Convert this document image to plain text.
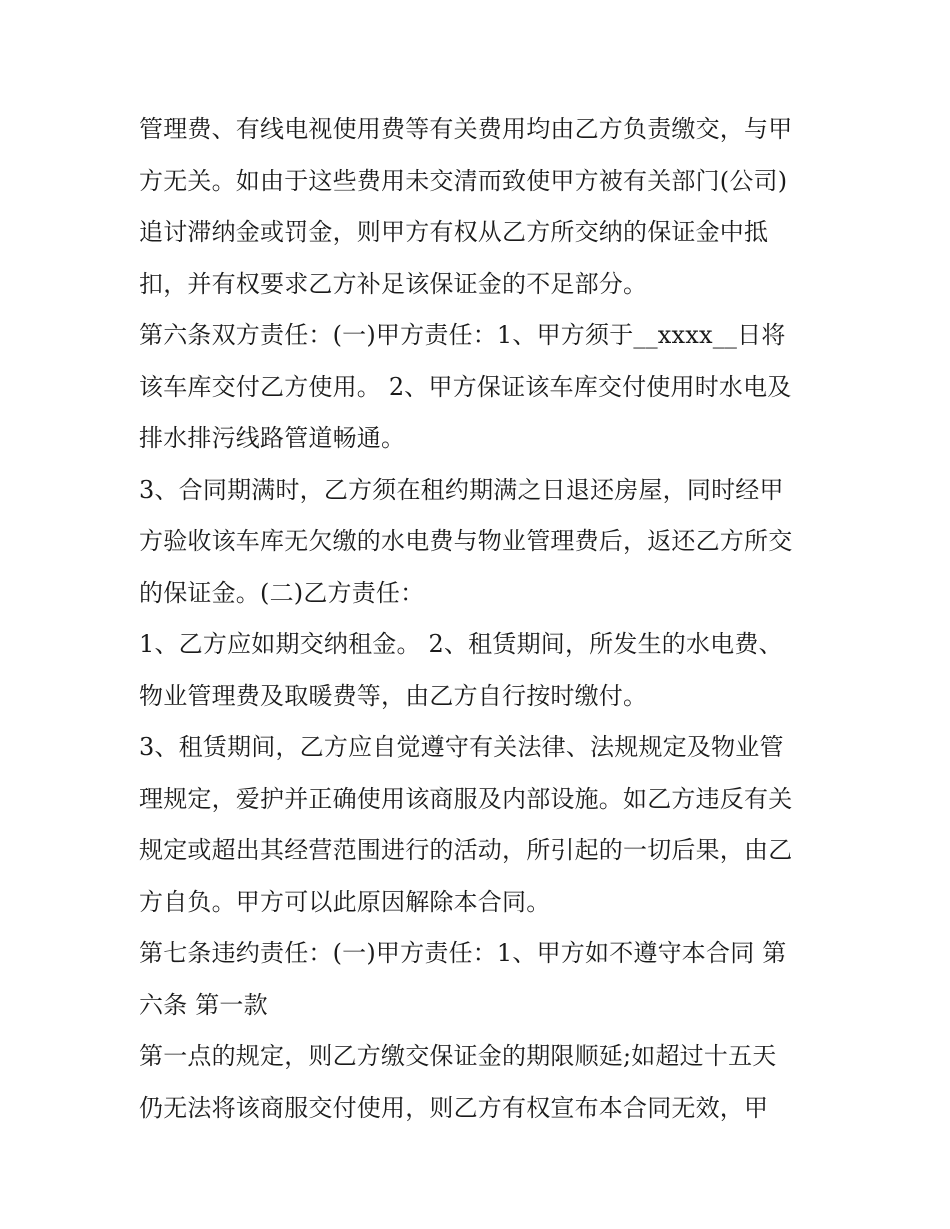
管理费、有线电视使用费等有关费用均由乙方负责缴交，与甲
方无关。如由于这些费用未交清而致使甲方被有关部门(公司)
追讨滞纳金或罚金，则甲方有权从乙方所交纳的保证金中抵
扣，并有权要求乙方补足该保证金的不足部分。
第六条双方责任：(一)甲方责任：1、甲方须于__xxxx__日将
该车库交付乙方使用。 2、甲方保证该车库交付使用时水电及
排水排污线路管道畅通。
3、合同期满时，乙方须在租约期满之日退还房屋，同时经甲
方验收该车库无欠缴的水电费与物业管理费后，返还乙方所交
的保证金。(二)乙方责任：
1、乙方应如期交纳租金。 2、租赁期间，所发生的水电费、
物业管理费及取暖费等，由乙方自行按时缴付。
3、租赁期间，乙方应自觉遵守有关法律、法规规定及物业管
理规定，爱护并正确使用该商服及内部设施。如乙方违反有关
规定或超出其经营范围进行的活动，所引起的一切后果，由乙
方自负。甲方可以此原因解除本合同。
第七条违约责任：(一)甲方责任：1、甲方如不遵守本合同 第
六条 第一款
第一点的规定，则乙方缴交保证金的期限顺延;如超过十五天
仍无法将该商服交付使用，则乙方有权宣布本合同无效，甲
